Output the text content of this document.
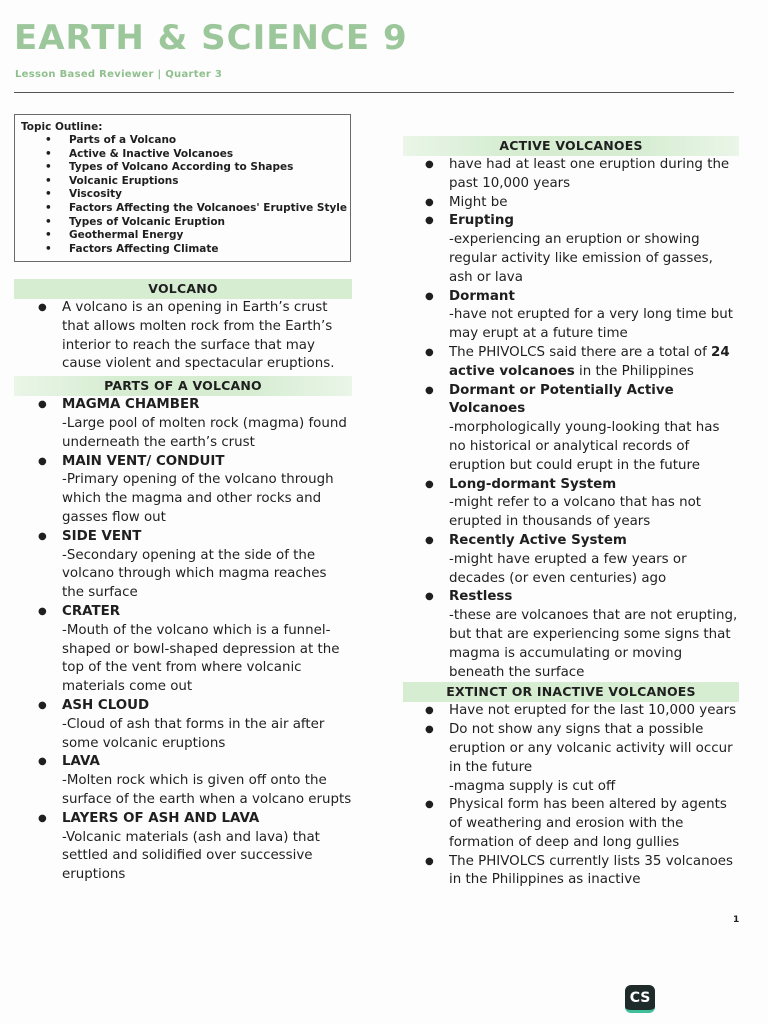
EARTH & SCIENCE 9
Lesson Based Reviewer | Quarter 3
Topic Outline:
• Parts of a Volcano
• Active & Inactive Volcanoes
• Types of Volcano According to Shapes
• Volcanic Eruptions
• Viscosity
• Factors Affecting the Volcanoes' Eruptive Style
• Types of Volcanic Eruption
• Geothermal Energy
• Factors Affecting Climate
VOLCANO
● A volcano is an opening in Earth’s crust that allows molten rock from the Earth’s interior to reach the surface that may cause violent and spectacular eruptions.
PARTS OF A VOLCANO
● MAGMA CHAMBER
-Large pool of molten rock (magma) found underneath the earth’s crust
● MAIN VENT/ CONDUIT
-Primary opening of the volcano through which the magma and other rocks and gasses flow out
● SIDE VENT
-Secondary opening at the side of the volcano through which magma reaches the surface
● CRATER
-Mouth of the volcano which is a funnel-shaped or bowl-shaped depression at the top of the vent from where volcanic materials come out
● ASH CLOUD
-Cloud of ash that forms in the air after some volcanic eruptions
● LAVA
-Molten rock which is given off onto the surface of the earth when a volcano erupts
● LAYERS OF ASH AND LAVA
-Volcanic materials (ash and lava) that settled and solidified over successive eruptions
ACTIVE VOLCANOES
● have had at least one eruption during the past 10,000 years
● Might be
● Erupting
-experiencing an eruption or showing regular activity like emission of gasses, ash or lava
● Dormant
-have not erupted for a very long time but may erupt at a future time
● The PHIVOLCS said there are a total of 24 active volcanoes in the Philippines
● Dormant or Potentially Active Volcanoes
-morphologically young-looking that has no historical or analytical records of eruption but could erupt in the future
● Long-dormant System
-might refer to a volcano that has not erupted in thousands of years
● Recently Active System
-might have erupted a few years or decades (or even centuries) ago
● Restless
-these are volcanoes that are not erupting, but that are experiencing some signs that magma is accumulating or moving beneath the surface
EXTINCT OR INACTIVE VOLCANOES
● Have not erupted for the last 10,000 years
● Do not show any signs that a possible eruption or any volcanic activity will occur in the future
-magma supply is cut off
● Physical form has been altered by agents of weathering and erosion with the formation of deep and long gullies
● The PHIVOLCS currently lists 35 volcanoes in the Philippines as inactive
1
CS
